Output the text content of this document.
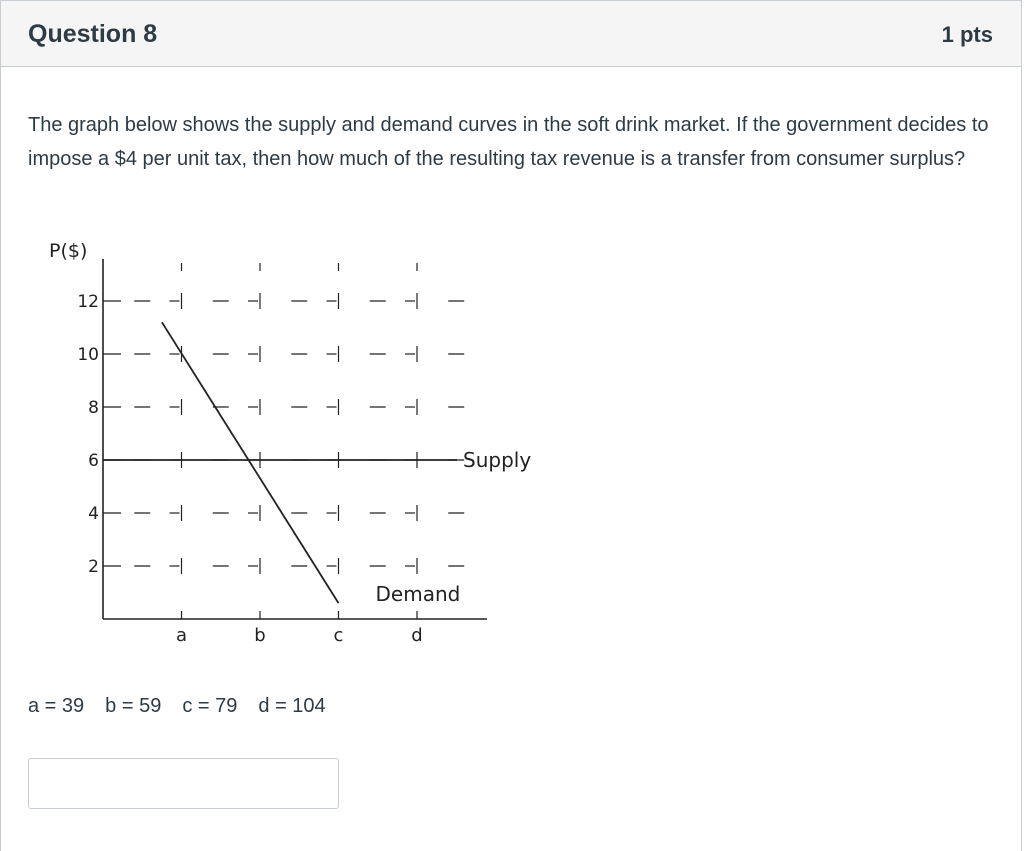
Question 8	1 pts
The graph below shows the supply and demand curves in the soft drink market. If the government decides to impose a $4 per unit tax, then how much of the resulting tax revenue is a transfer from consumer surplus?
P($)
2
4
6
8
10
12
a	b	c	d
Supply
Demand
a = 39 b = 59 c = 79 d = 104
